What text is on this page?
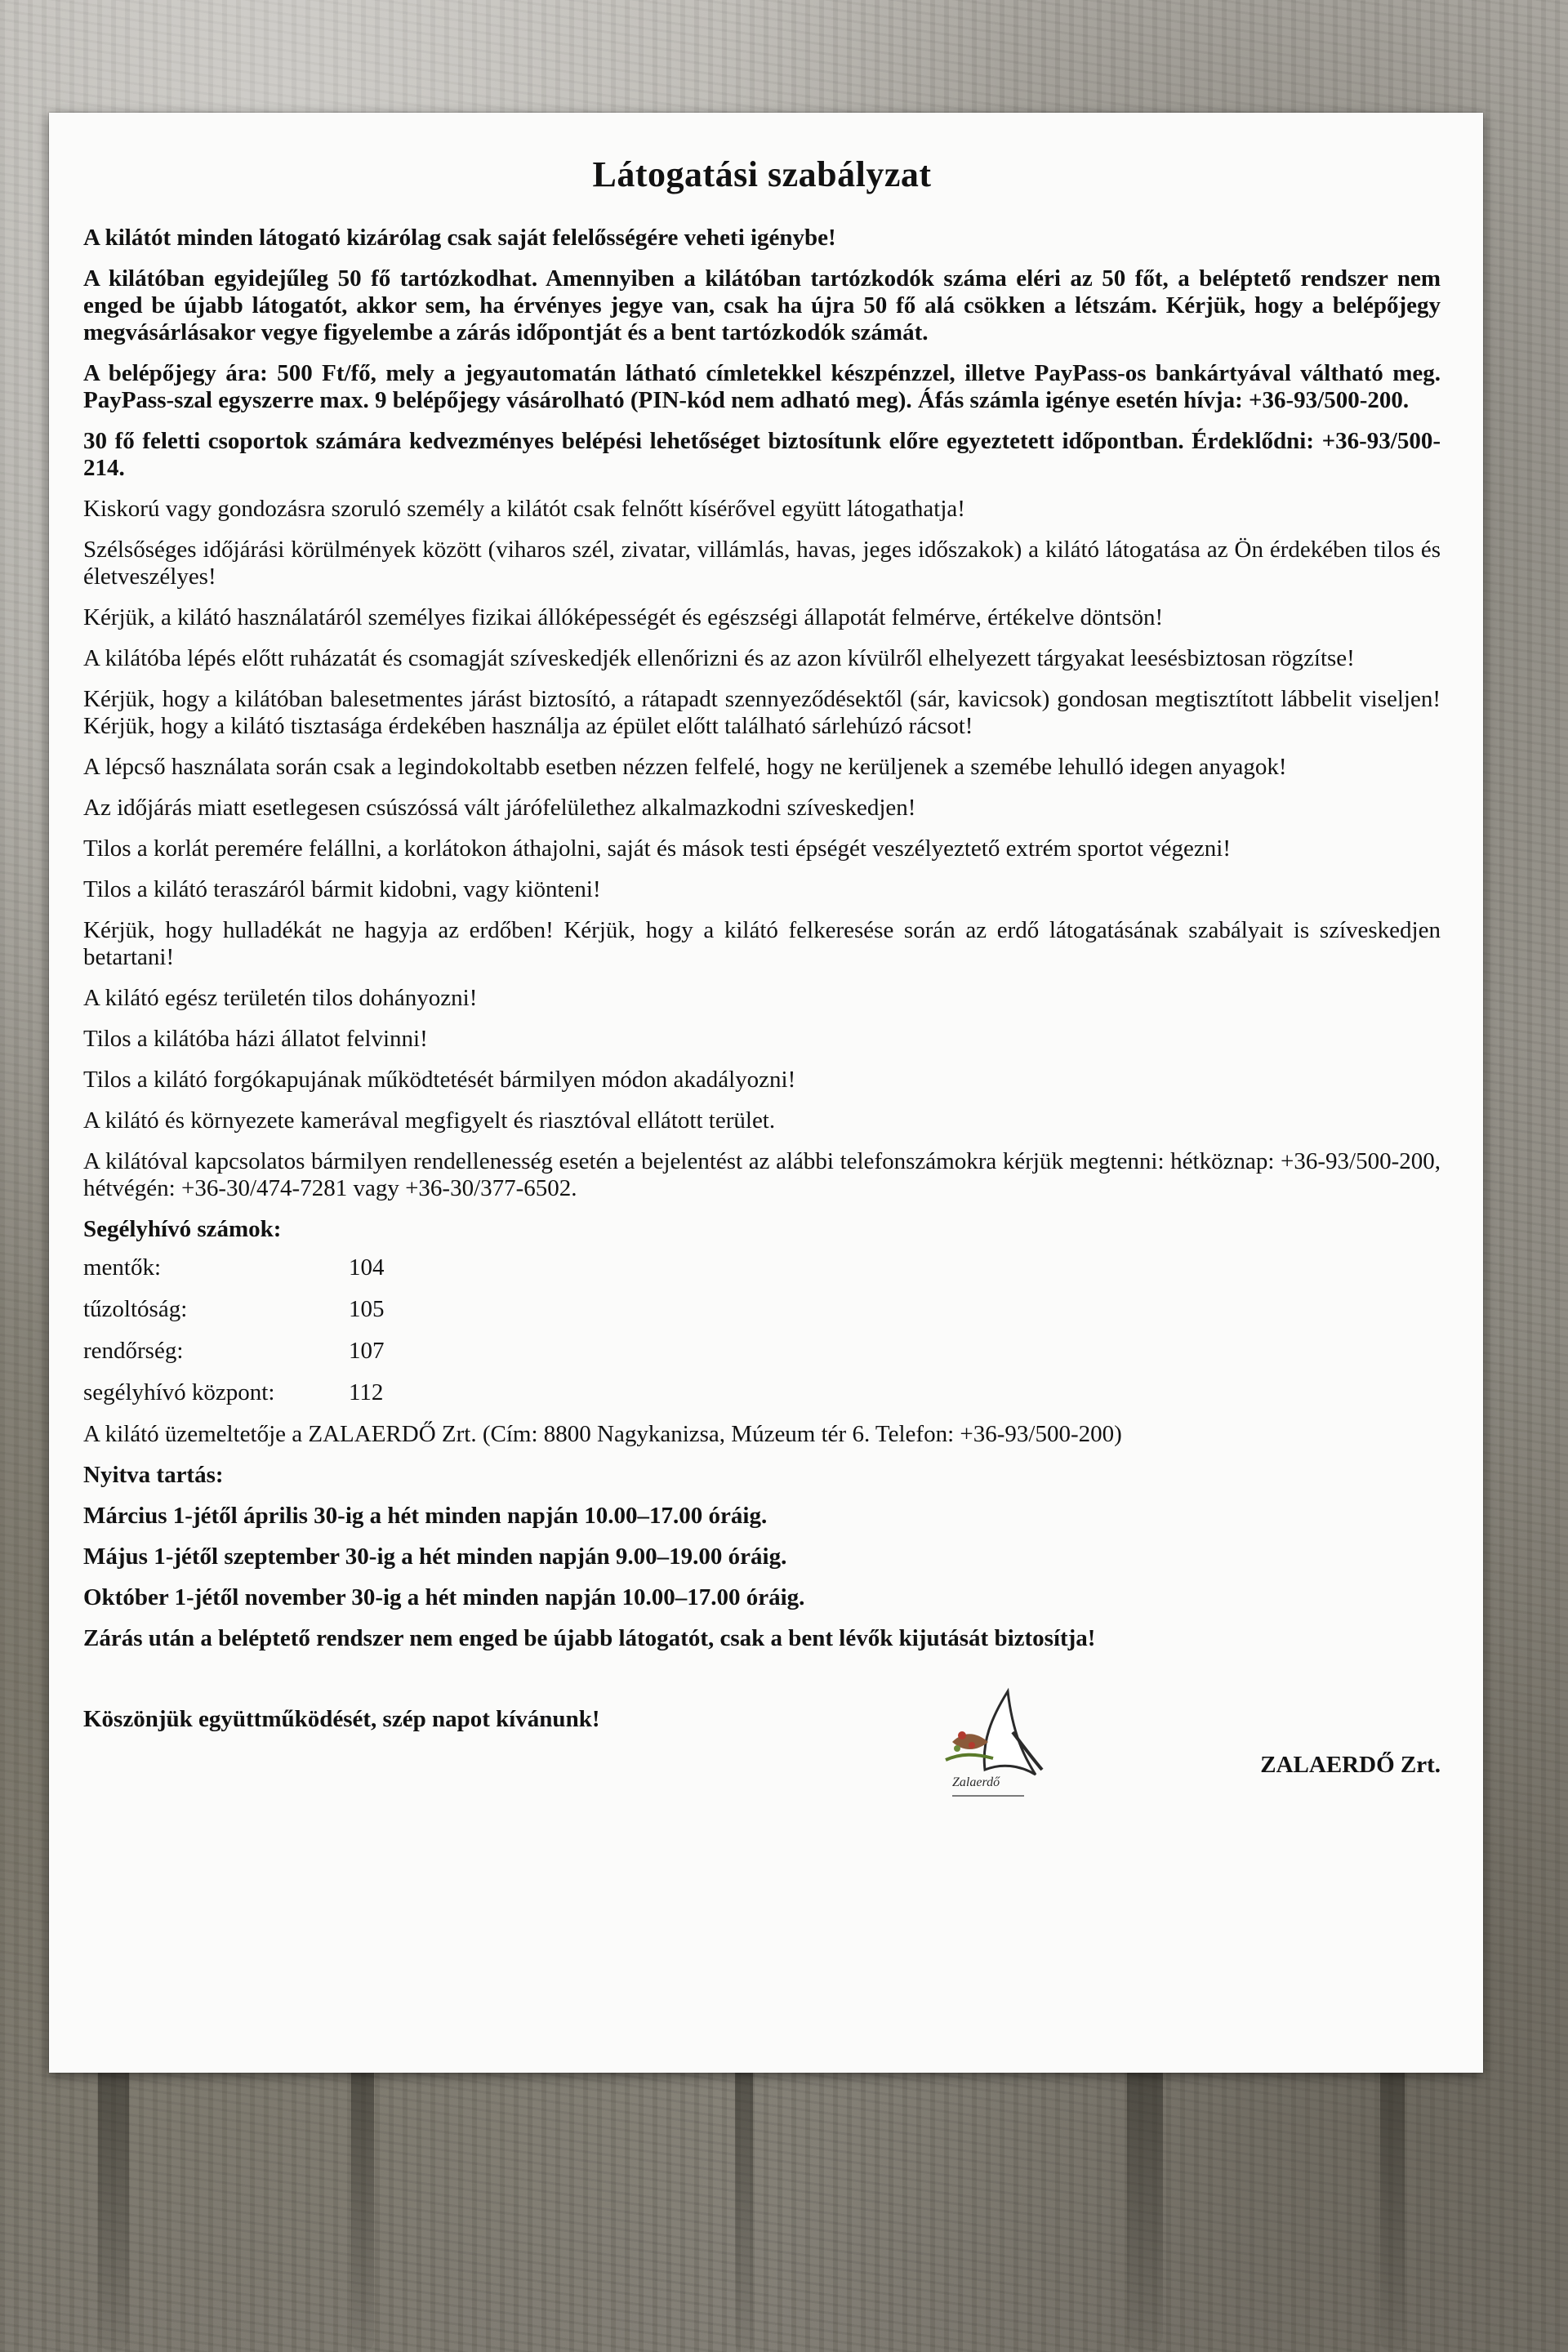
Látogatási szabályzat
A kilátót minden látogató kizárólag csak saját felelősségére veheti igénybe!
A kilátóban egyidejűleg 50 fő tartózkodhat. Amennyiben a kilátóban tartózkodók száma eléri az 50 főt, a beléptető rendszer nem enged be újabb látogatót, akkor sem, ha érvényes jegye van, csak ha újra 50 fő alá csökken a létszám. Kérjük, hogy a belépőjegy megvásárlásakor vegye figyelembe a zárás időpontját és a bent tartózkodók számát.
A belépőjegy ára: 500 Ft/fő, mely a jegyautomatán látható címletekkel készpénzzel, illetve PayPass-os bankártyával váltható meg. PayPass-szal egyszerre max. 9 belépőjegy vásárolható (PIN-kód nem adható meg). Áfás számla igénye esetén hívja: +36-93/500-200.
30 fő feletti csoportok számára kedvezményes belépési lehetőséget biztosítunk előre egyeztetett időpontban. Érdeklődni: +36-93/500-214.
Kiskorú vagy gondozásra szoruló személy a kilátót csak felnőtt kísérővel együtt látogathatja!
Szélsőséges időjárási körülmények között (viharos szél, zivatar, villámlás, havas, jeges időszakok) a kilátó látogatása az Ön érdekében tilos és életveszélyes!
Kérjük, a kilátó használatáról személyes fizikai állóképességét és egészségi állapotát felmérve, értékelve döntsön!
A kilátóba lépés előtt ruházatát és csomagját szíveskedjék ellenőrizni és az azon kívülről elhelyezett tárgyakat leesésbiztosan rögzítse!
Kérjük, hogy a kilátóban balesetmentes járást biztosító, a rátapadt szennyeződésektől (sár, kavicsok) gondosan megtisztított lábbelit viseljen! Kérjük, hogy a kilátó tisztasága érdekében használja az épület előtt található sárlehúzó rácsot!
A lépcső használata során csak a legindokoltabb esetben nézzen felfelé, hogy ne kerüljenek a szemébe lehulló idegen anyagok!
Az időjárás miatt esetlegesen csúszóssá vált járófelülethez alkalmazkodni szíveskedjen!
Tilos a korlát peremére felállni, a korlátokon áthajolni, saját és mások testi épségét veszélyeztető extrém sportot végezni!
Tilos a kilátó teraszáról bármit kidobni, vagy kiönteni!
Kérjük, hogy hulladékát ne hagyja az erdőben! Kérjük, hogy a kilátó felkeresése során az erdő látogatásának szabályait is szíveskedjen betartani!
A kilátó egész területén tilos dohányozni!
Tilos a kilátóba házi állatot felvinni!
Tilos a kilátó forgókapujának működtetését bármilyen módon akadályozni!
A kilátó és környezete kamerával megfigyelt és riasztóval ellátott terület.
A kilátóval kapcsolatos bármilyen rendellenesség esetén a bejelentést az alábbi telefonszámokra kérjük megtenni: hétköznap: +36-93/500-200, hétvégén: +36-30/474-7281 vagy +36-30/377-6502.
Segélyhívó számok:
mentők:	104
tűzoltóság:	105
rendőrség:	107
segélyhívó központ:	112
A kilátó üzemeltetője a ZALAERDŐ Zrt. (Cím: 8800 Nagykanizsa, Múzeum tér 6. Telefon: +36-93/500-200)
Nyitva tartás:
Március 1-jétől április 30-ig a hét minden napján 10.00–17.00 óráig.
Május 1-jétől szeptember 30-ig a hét minden napján 9.00–19.00 óráig.
Október 1-jétől november 30-ig a hét minden napján 10.00–17.00 óráig.
Zárás után a beléptető rendszer nem enged be újabb látogatót, csak a bent lévők kijutását biztosítja!
Köszönjük együttműködését, szép napot kívánunk!
Zalaerdő
ZALAERDŐ Zrt.
